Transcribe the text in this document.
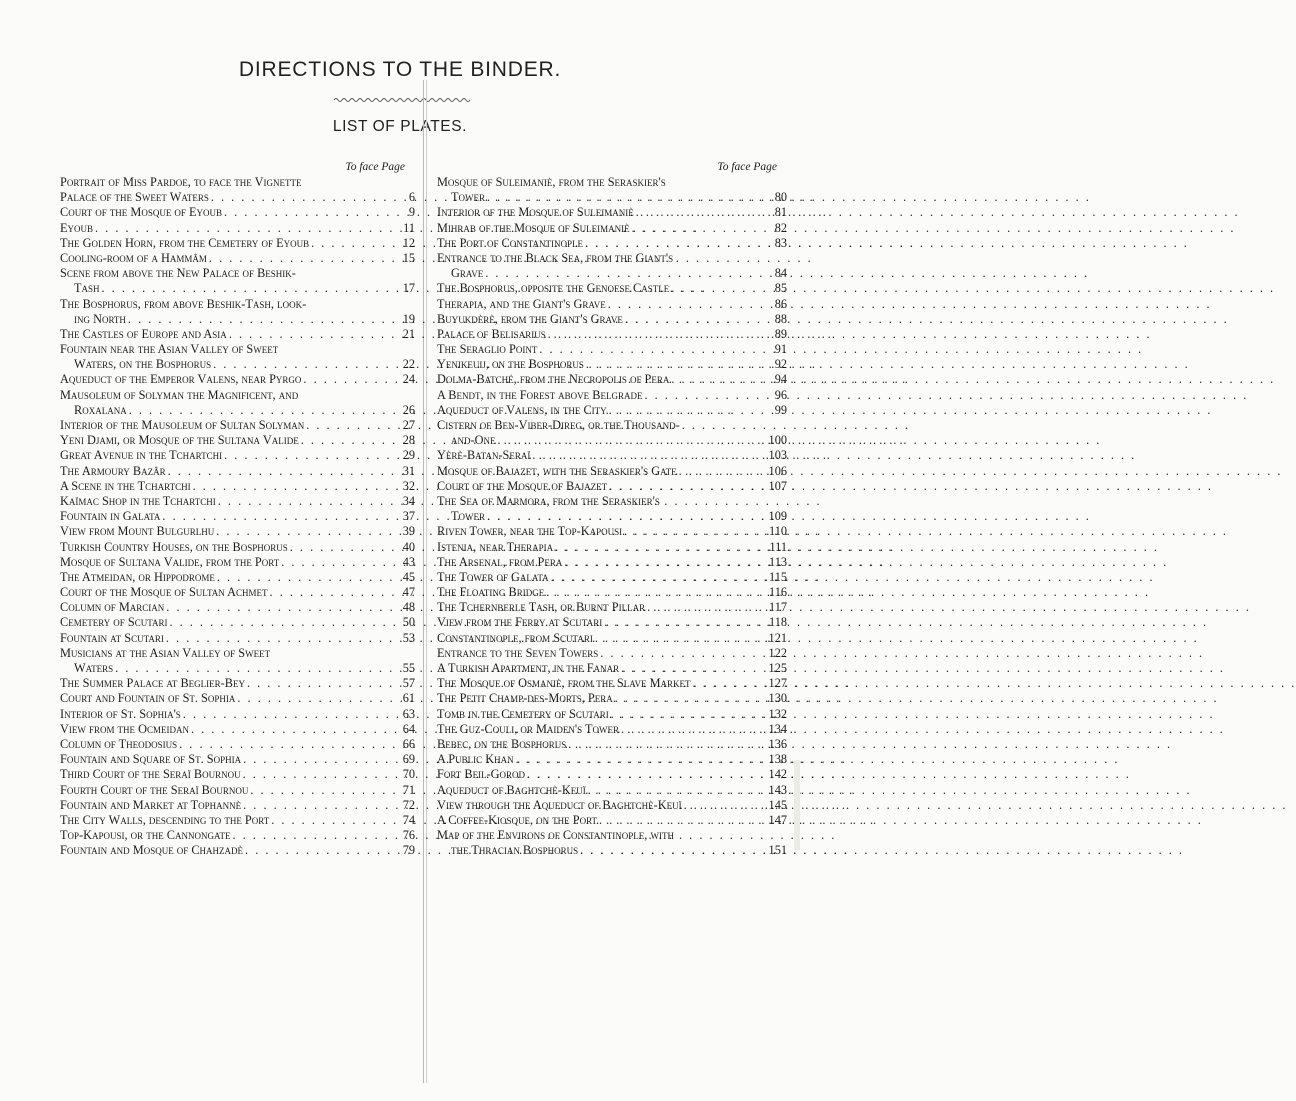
DIRECTIONS TO THE BINDER.
LIST OF PLATES.
To face Page
Portrait of Miss Pardoe, to face the Vignette
Palace of the Sweet Waters . . .	6
Court of the Mosque of Eyoub . . .	9
Eyoub . . .	11
The Golden Horn, from the Cemetery of Eyoub . . .	12
Cooling-room of a Hammâm . . .	15
Scene from above the New Palace of Beshik-
Tash . . .	17
The Bosphorus, from above Beshik-Tash, look-
ing North . . .	19
The Castles of Europe and Asia . . .	21
Fountain near the Asian Valley of Sweet
Waters, on the Bosphorus . . .	22
Aqueduct of the Emperor Valens, near Pyrgo . . .	24
Mausoleum of Solyman the Magnificent, and
Roxalana . . .	26
Interior of the Mausoleum of Sultan Solyman . . .	27
Yeni Djami, or Mosque of the Sultana Valide . . .	28
Great Avenue in the Tchartchi . . .	29
The Armoury Bazâr . . .	31
A Scene in the Tchartchi . . .	32
Kaïmac Shop in the Tchartchi . . .	34
Fountain in Galata . . .	37
View from Mount Bulgurlhu . . .	39
Turkish Country Houses, on the Bosphorus . . .	40
Mosque of Sultana Valide, from the Port . . .	43
The Atmeidan, or Hippodrome . . .	45
Court of the Mosque of Sultan Achmet . . .	47
Column of Marcian . . .	48
Cemetery of Scutari . . .	50
Fountain at Scutari . . .	53
Musicians at the Asian Valley of Sweet
Waters . . .	55
The Summer Palace at Beglier-Bey . . .	57
Court and Fountain of St. Sophia . . .	61
Interior of St. Sophia's . . .	63
View from the Ocmeidan . . .	64
Column of Theodosius . . .	66
Fountain and Square of St. Sophia . . .	69
Third Court of the Seraï Bournou . . .	70
Fourth Court of the Seraï Bournou . . .	71
Fountain and Market at Tophannè . . .	72
The City Walls, descending to the Port . . .	74
Top-Kapousi, or the Cannongate . . .	76
Fountain and Mosque of Chahzadè . . .	79
To face Page
Mosque of Suleimaniè, from the Seraskier's
Tower . . .	80
Interior of the Mosque of Suleimaniè . . .	81
Mihrab of the Mosque of Suleimaniè . . .	82
The Port of Constantinople . . .	83
Entrance to the Black Sea, from the Giant's
Grave . . .	84
The Bosphorus, opposite the Genoese Castle . . .	85
Therapia, and the Giant's Grave . . .	86
Buyukdèrè, from the Giant's Grave . . .	88
Palace of Belisarius . . .	89
The Seraglio Point . . .	91
Yenikeuij, on the Bosphorus . . .	92
Dolma-Batché, from the Necropolis of Pera . . .	94
A Bendt, in the Forest above Belgrade . . .	96
Aqueduct of Valens, in the City . . .	99
Cistern of Ben-Viber-Direg, or the Thousand-
and-One . . .	100
Yèrè-Batan-Seraï . . .	103
Mosque of Bajazet, with the Seraskier's Gate . . .	106
Court of the Mosque of Bajazet . . .	107
The Sea of Marmora, from the Seraskier's
Tower . . .	109
Riven Tower, near the Top-Kapousi . . .	110
Istenia, near Therapia . . .	111
The Arsenal, from Pera . . .	113
The Tower of Galata . . .	115
The Floating Bridge . . .	116
The Tchernberle Tash, or Burnt Pillar . . .	117
View from the Ferry at Scutari . . .	118
Constantinople, from Scutari . . .	121
Entrance to the Seven Towers . . .	122
A Turkish Apartment, in the Fanar . . .	125
The Mosque of Osmaniè, from the Slave Market . . .	127
The Petit Champ-des-Morts, Pera . . .	130
Tomb in the Cemetery of Scutari . . .	132
The Guz-Couli, or Maiden's Tower . . .	134
Bebec, on the Bosphorus . . .	136
A Public Khan . . .	138
Fort Beil-Gorod . . .	142
Aqueduct of Baghtchè-Keuï . . .	143
View through the Aqueduct of Baghtchè-Keuï . . .	145
A Coffee-Kiosque, on the Port . . .	147
Map of the Environs of Constantinople, with
the Thracian Bosphorus . . .	151
